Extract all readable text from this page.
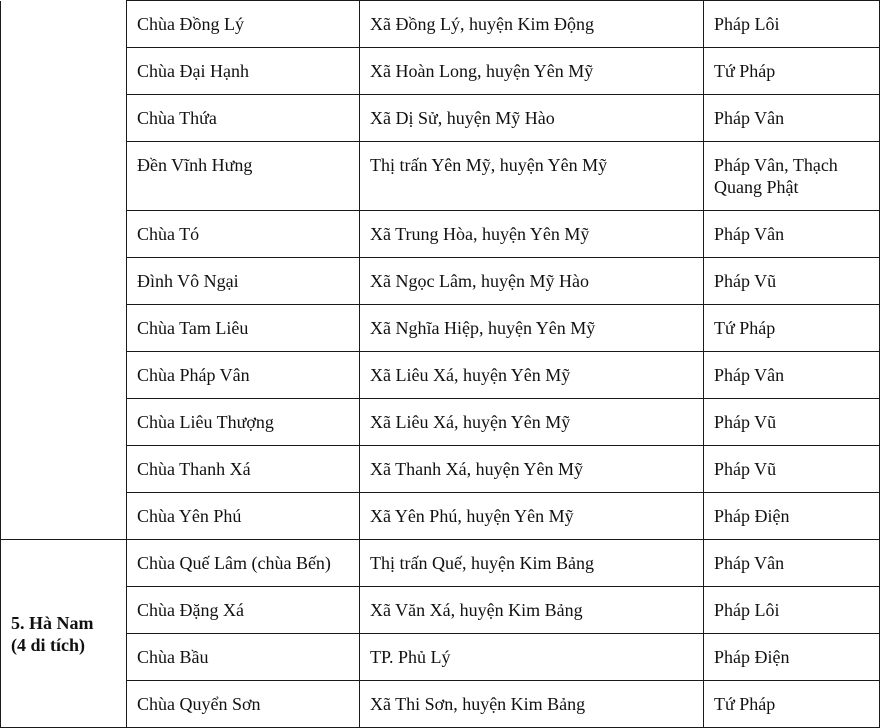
	Chùa Đồng Lý	Xã Đồng Lý, huyện Kim Động	Pháp Lôi
	Chùa Đại Hạnh	Xã Hoàn Long, huyện Yên Mỹ	Tứ Pháp
	Chùa Thứa	Xã Dị Sử, huyện Mỹ Hào	Pháp Vân
	Đền Vĩnh Hưng	Thị trấn Yên Mỹ, huyện Yên Mỹ	Pháp Vân, Thạch Quang Phật
	Chùa Tó	Xã Trung Hòa, huyện Yên Mỹ	Pháp Vân
	Đình Vô Ngại	Xã Ngọc Lâm, huyện Mỹ Hào	Pháp Vũ
	Chùa Tam Liêu	Xã Nghĩa Hiệp, huyện Yên Mỹ	Tứ Pháp
	Chùa Pháp Vân	Xã Liêu Xá, huyện Yên Mỹ	Pháp Vân
	Chùa Liêu Thượng	Xã Liêu Xá, huyện Yên Mỹ	Pháp Vũ
	Chùa Thanh Xá	Xã Thanh Xá, huyện Yên Mỹ	Pháp Vũ
	Chùa Yên Phú	Xã Yên Phú, huyện Yên Mỹ	Pháp Điện

5. Hà Nam
(4 di tích)	Chùa Quế Lâm (chùa Bến)	Thị trấn Quế, huyện Kim Bảng	Pháp Vân
	Chùa Đặng Xá	Xã Văn Xá, huyện Kim Bảng	Pháp Lôi
	Chùa Bầu	TP. Phủ Lý	Pháp Điện
	Chùa Quyển Sơn	Xã Thi Sơn, huyện Kim Bảng	Tứ Pháp
